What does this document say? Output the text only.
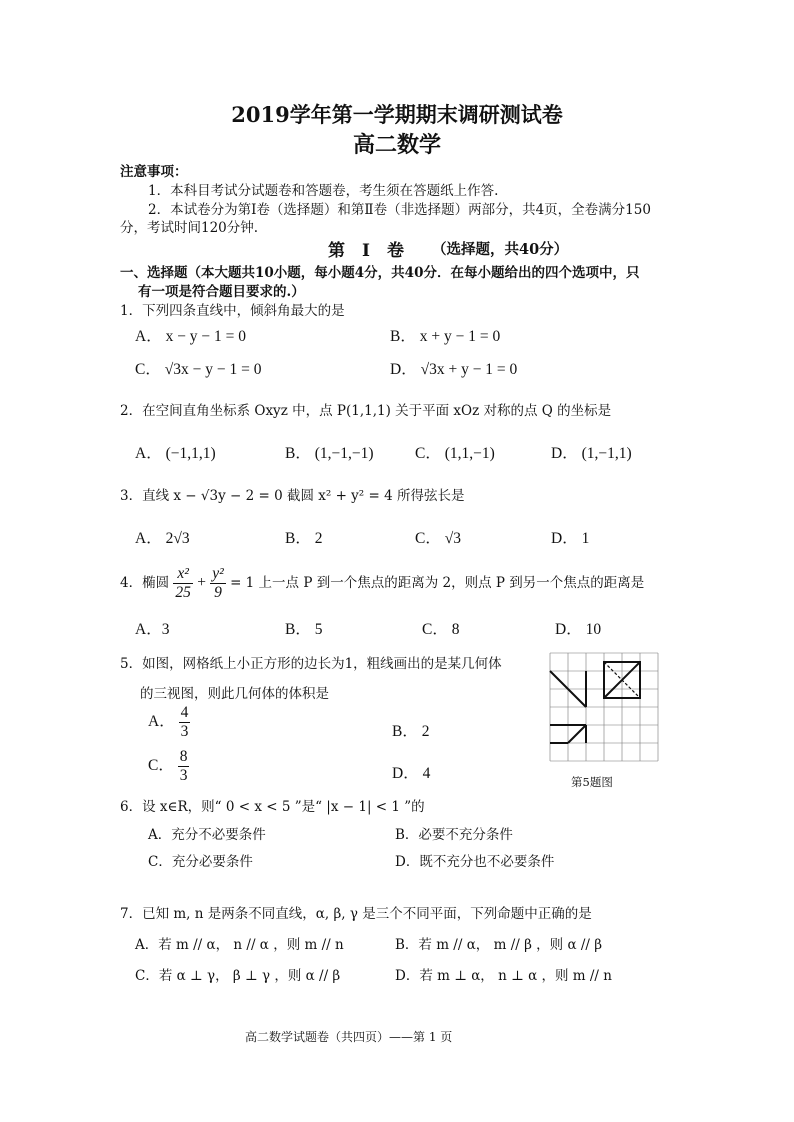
2019学年第一学期期末调研测试卷
高二数学
注意事项：
1．本科目考试分试题卷和答题卷，考生须在答题纸上作答.
2．本试卷分为第Ⅰ卷（选择题）和第Ⅱ卷（非选择题）两部分，共4页，全卷满分150
分，考试时间120分钟.
第　Ⅰ　卷 （选择题，共40分）
一、选择题（本大题共10小题，每小题4分，共40分．在每小题给出的四个选项中，只
有一项是符合题目要求的.）
1．下列四条直线中，倾斜角最大的是
A． x − y − 1 = 0	B． x + y − 1 = 0
C． √3x − y − 1 = 0	D． √3x + y − 1 = 0
2．在空间直角坐标系 Oxyz 中，点 P(1,1,1) 关于平面 xOz 对称的点 Q 的坐标是
A． (−1,1,1)	B． (1,−1,−1)	C． (1,1,−1)	D． (1,−1,1)
3．直线 x − √3y − 2 = 0 截圆 x² + y² = 4 所得弦长是
A． 2√3	B． 2	C． √3	D． 1
4．椭圆 $\frac{\text{x²}}{25} + \frac{\text{y²}}{9} = 1$ 上一点 P 到一个焦点的距离为 2，则点 P 到另一个焦点的距离是
A．3	B． 5	C． 8	D． 10
5．如图，网格纸上小正方形的边长为1，粗线画出的是某几何体
的三视图，则此几何体的体积是
A． $\frac{4}{3}$	B． 2
C． $\frac{8}{3}$	D． 4	第5题图
6．设 x∈R，则“ 0 < x < 5 ”是“ |x − 1| < 1 ”的
A．充分不必要条件	B．必要不充分条件
C．充分必要条件	D．既不充分也不必要条件
7．已知 m, n 是两条不同直线，α, β, γ 是三个不同平面，下列命题中正确的是
A．若 m // α， n // α ，则 m // n	B．若 m // α， m // β ，则 α // β
C．若 α ⊥ γ， β ⊥ γ ，则 α // β	D．若 m ⊥ α， n ⊥ α ，则 m // n
高二数学试题卷（共四页）——第 1 页
